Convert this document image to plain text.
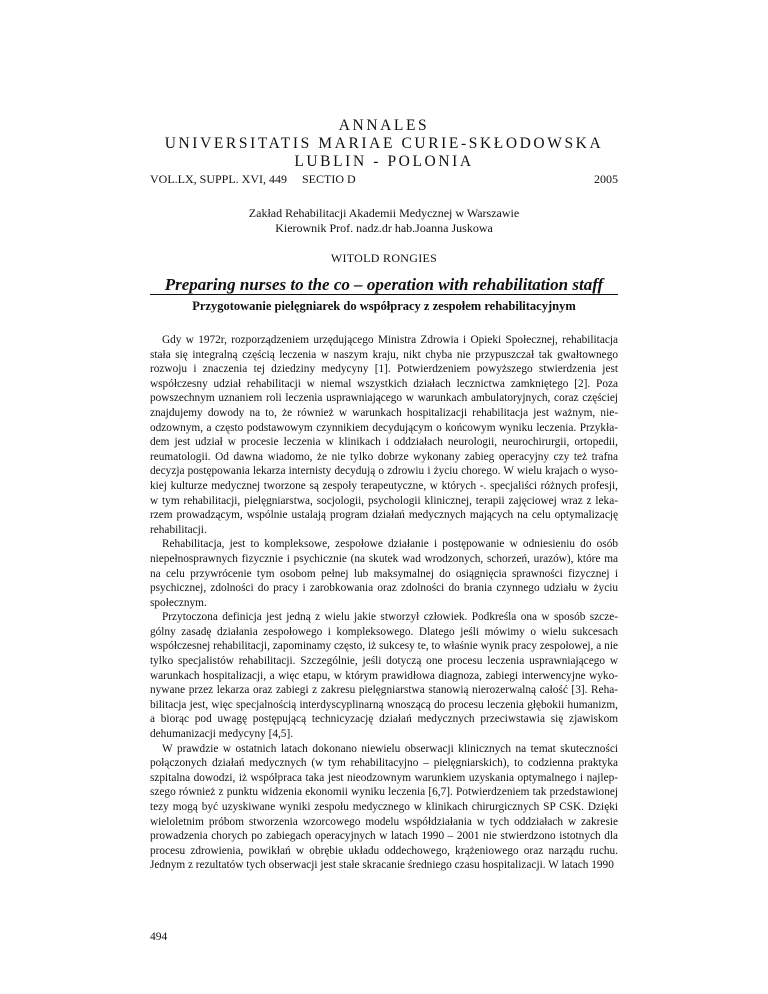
ANNALES
UNIVERSITATIS MARIAE CURIE-SKŁODOWSKA
LUBLIN - POLONIA
VOL.LX, SUPPL. XVI, 449 SECTIO D	2005
Zakład Rehabilitacji Akademii Medycznej w Warszawie
Kierownik Prof. nadz.dr hab.Joanna Juskowa
WITOLD RONGIES
Preparing nurses to the co – operation with rehabilitation staff
Przygotowanie pielęgniarek do współpracy z zespołem rehabilitacyjnym

Gdy w 1972r, rozporządzeniem urzędującego Ministra Zdrowia i Opieki Społecznej, rehabilitacja stała się integralną częścią leczenia w naszym kraju, nikt chyba nie przypuszczał tak gwałtownego rozwoju i znaczenia tej dziedziny medycyny [1]. Potwierdzeniem powyższego stwierdzenia jest współczesny udział rehabilitacji w niemal wszystkich działach lecznictwa zamkniętego [2]. Poza powszechnym uznaniem roli leczenia usprawniającego w warunkach ambulatoryjnych, coraz częściej znajdujemy dowody na to, że również w warunkach hospitalizacji rehabilitacja jest ważnym, nieodzownym, a często podstawowym czynnikiem decydującym o końcowym wyniku leczenia. Przykładem jest udział w procesie leczenia w klinikach i oddziałach neurologii, neurochirurgii, ortopedii, reumatologii. Od dawna wiadomo, że nie tylko dobrze wykonany zabieg operacyjny czy też trafna decyzja postępowania lekarza internisty decydują o zdrowiu i życiu chorego. W wielu krajach o wysokiej kulturze medycznej tworzone są zespoły terapeutyczne, w których -. specjaliści różnych profesji, w tym rehabilitacji, pielęgniarstwa, socjologii, psychologii klinicznej, terapii zajęciowej wraz z lekarzem prowadzącym, wspólnie ustalają program działań medycznych mających na celu optymalizację rehabilitacji.

Rehabilitacja, jest to kompleksowe, zespołowe działanie i postępowanie w odniesieniu do osób niepełnosprawnych fizycznie i psychicznie (na skutek wad wrodzonych, schorzeń, urazów), które ma na celu przywrócenie tym osobom pełnej lub maksymalnej do osiągnięcia sprawności fizycznej i psychicznej, zdolności do pracy i zarobkowania oraz zdolności do brania czynnego udziału w życiu społecznym.

Przytoczona definicja jest jedną z wielu jakie stworzył człowiek. Podkreśla ona w sposób szczególny zasadę działania zespołowego i kompleksowego. Dlatego jeśli mówimy o wielu sukcesach współczesnej rehabilitacji, zapominamy często, iż sukcesy te, to właśnie wynik pracy zespołowej, a nie tylko specjalistów rehabilitacji. Szczególnie, jeśli dotyczą one procesu leczenia usprawniającego w warunkach hospitalizacji, a więc etapu, w którym prawidłowa diagnoza, zabiegi interwencyjne wykonywane przez lekarza oraz zabiegi z zakresu pielęgniarstwa stanowią nierozerwalną całość [3]. Rehabilitacja jest, więc specjalnością interdyscyplinarną wnoszącą do procesu leczenia głębokii humanizm, a biorąc pod uwagę postępującą technicyzację działań medycznych przeciwstawia się zjawiskom dehumanizacji medycyny [4,5].

W prawdzie w ostatnich latach dokonano niewielu obserwacji klinicznych na temat skuteczności połączonych działań medycznych (w tym rehabilitacyjno – pielęgniarskich), to codzienna praktyka szpitalna dowodzi, iż współpraca taka jest nieodzownym warunkiem uzyskania optymalnego i najlepszego również z punktu widzenia ekonomii wyniku leczenia [6,7]. Potwierdzeniem tak przedstawionej tezy mogą być uzyskiwane wyniki zespołu medycznego w klinikach chirurgicznych SP CSK. Dzięki wieloletnim próbom stworzenia wzorcowego modelu współdziałania w tych oddziałach w zakresie prowadzenia chorych po zabiegach operacyjnych w latach 1990 – 2001 nie stwierdzono istotnych dla procesu zdrowienia, powikłań w obrębie układu oddechowego, krążeniowego oraz narządu ruchu. Jednym z rezultatów tych obserwacji jest stałe skracanie średniego czasu hospitalizacji. W latach 1990

494
